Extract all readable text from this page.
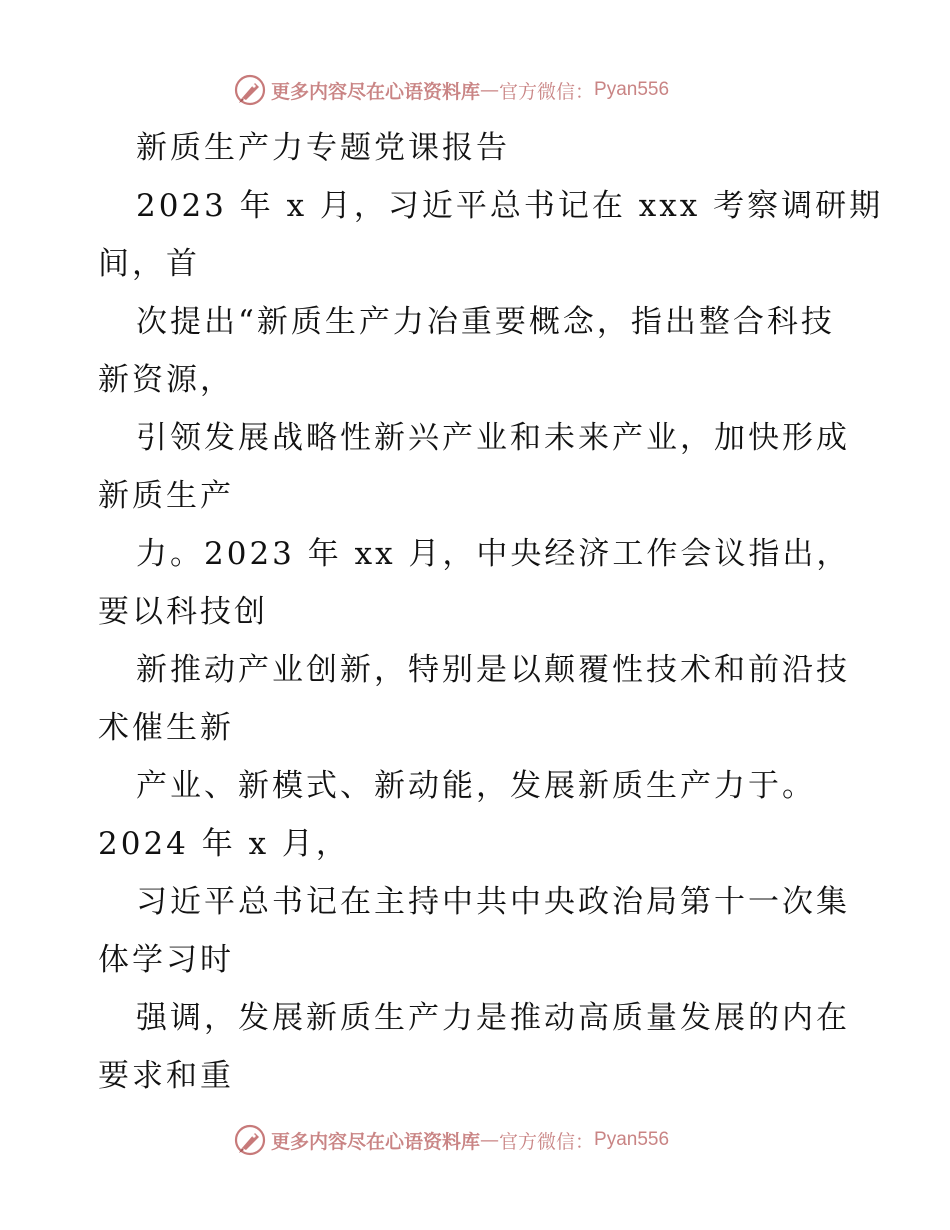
更多内容尽在心语资料库 — 官方微信： Pyan556
新质生产力专题党课报告
2023 年 x 月，习近平总书记在 xxx 考察调研期
间，首
次提出“新质生产力冶重要概念，指出整合科技
新资源，
引领发展战略性新兴产业和未来产业，加快形成
新质生产
力。2023 年 xx 月，中央经济工作会议指出，
要以科技创
新推动产业创新，特别是以颠覆性技术和前沿技
术催生新
产业、新模式、新动能，发展新质生产力于。
2024 年 x 月，
习近平总书记在主持中共中央政治局第十一次集
体学习时
强调，发展新质生产力是推动高质量发展的内在
要求和重
更多内容尽在心语资料库 — 官方微信： Pyan556
